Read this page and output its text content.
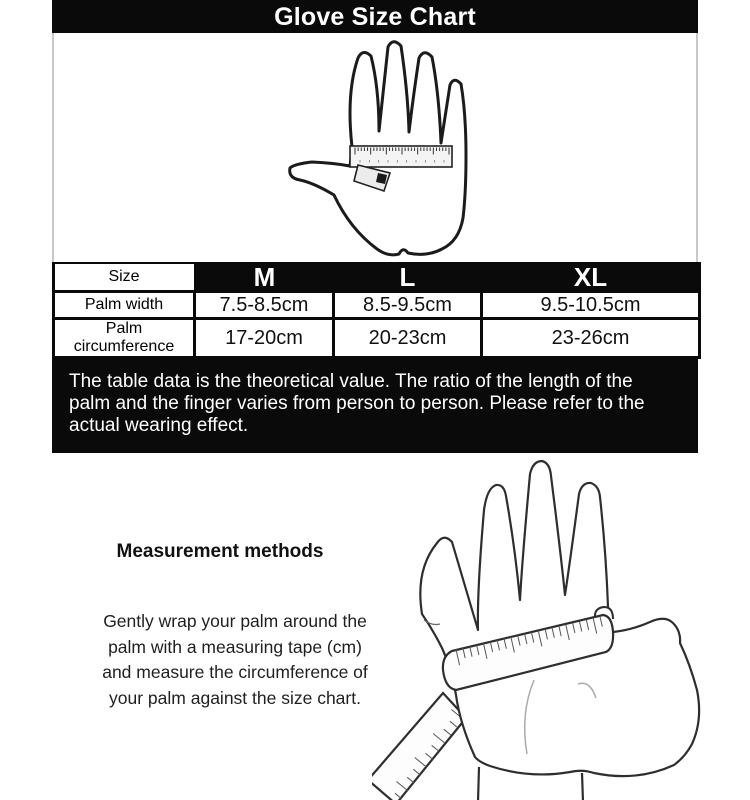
Glove Size Chart
Size	M	L	XL
Palm width	7.5-8.5cm	8.5-9.5cm	9.5-10.5cm
Palm circumference	17-20cm	20-23cm	23-26cm
The table data is the theoretical value. The ratio of the length of the
palm and the finger varies from person to person. Please refer to the
actual wearing effect.
Measurement methods
Gently wrap your palm around the
palm with a measuring tape (cm)
and measure the circumference of
your palm against the size chart.
